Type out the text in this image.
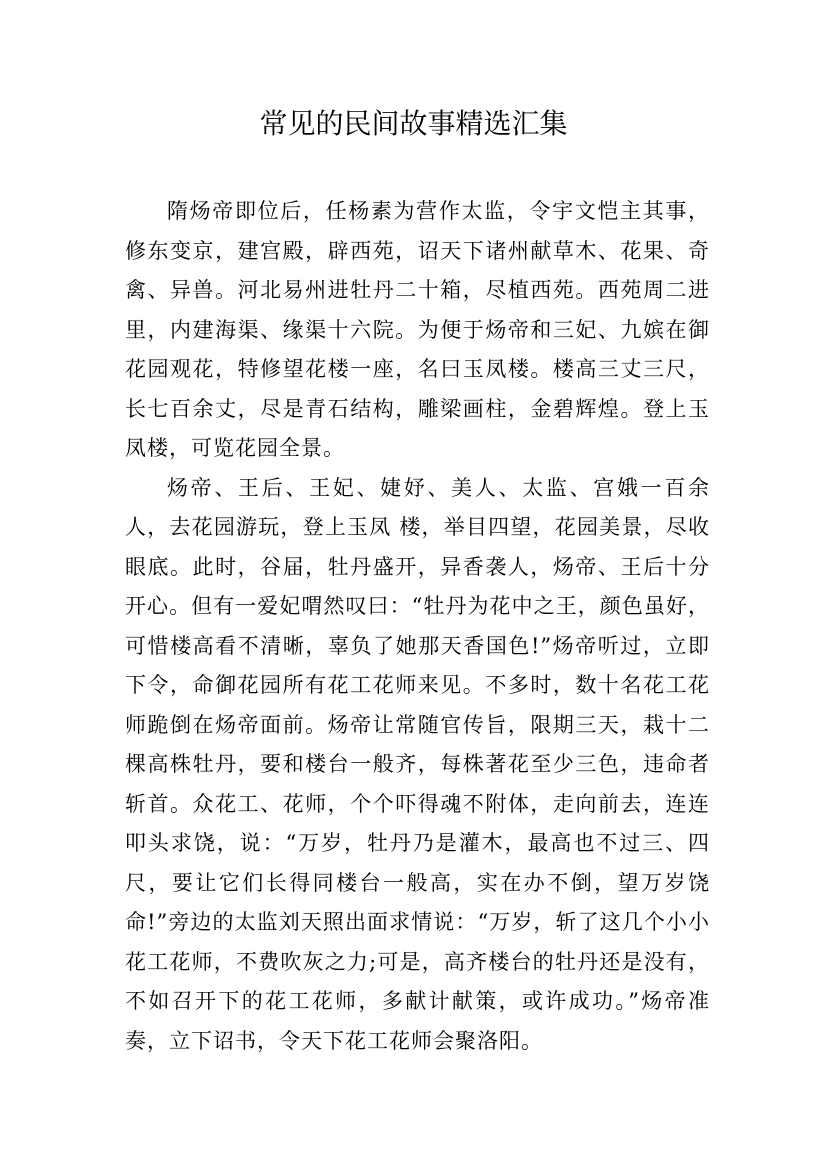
常见的民间故事精选汇集

隋炀帝即位后，任杨素为营作太监，令宇文恺主其事，修东变京，建宫殿，辟西苑，诏天下诸州献草木、花果、奇禽、异兽。河北易州进牡丹二十箱，尽植西苑。西苑周二进里，内建海渠、缘渠十六院。为便于炀帝和三妃、九嫔在御花园观花，特修望花楼一座，名曰玉凤楼。楼高三丈三尺，长七百余丈，尽是青石结构，雕梁画柱，金碧辉煌。登上玉凤楼，可览花园全景。

炀帝、王后、王妃、婕妤、美人、太监、宫娥一百余人，去花园游玩，登上玉凤 楼，举目四望，花园美景，尽收眼底。此时，谷届，牡丹盛开，异香袭人，炀帝、王后十分开心。但有一爱妃喟然叹曰：“牡丹为花中之王，颜色虽好，可惜楼高看不清晰，辜负了她那天香国色!”炀帝听过，立即下令，命御花园所有花工花师来见。不多时，数十名花工花师跪倒在炀帝面前。炀帝让常随官传旨，限期三天，栽十二棵高株牡丹，要和楼台一般齐，每株著花至少三色，违命者斩首。众花工、花师，个个吓得魂不附体，走向前去，连连叩头求饶，说：“万岁，牡丹乃是灌木，最高也不过三、四尺，要让它们长得同楼台一般高，实在办不倒，望万岁饶命!”旁边的太监刘天照出面求情说：“万岁，斩了这几个小小花工花师，不费吹灰之力;可是，高齐楼台的牡丹还是没有，不如召开下的花工花师，多献计献策，或许成功。”炀帝准奏，立下诏书，令天下花工花师会聚洛阳。
